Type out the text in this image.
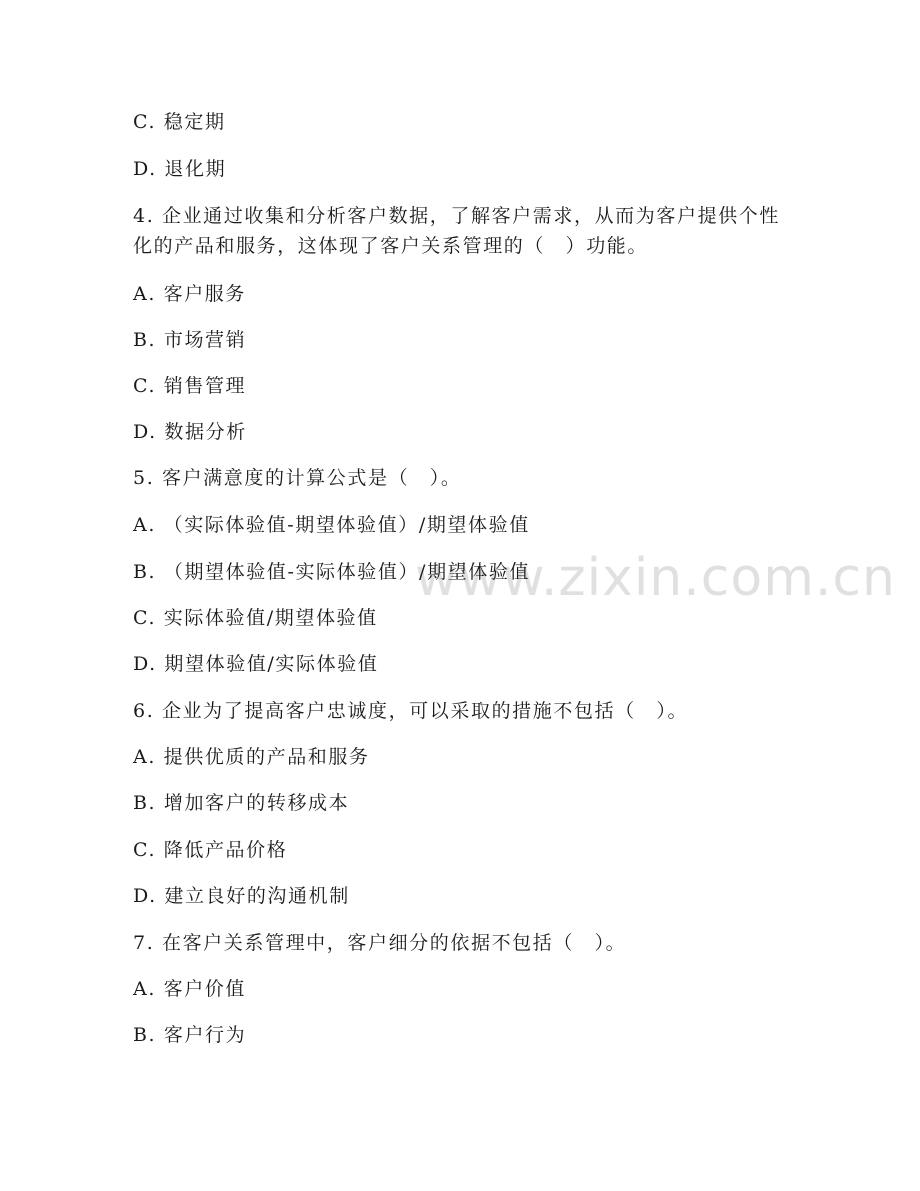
www.zixin.com.cn
C. 稳定期
D. 退化期
4. 企业通过收集和分析客户数据，了解客户需求，从而为客户提供个性化的产品和服务，这体现了客户关系管理的（　）功能。
A. 客户服务
B. 市场营销
C. 销售管理
D. 数据分析
5. 客户满意度的计算公式是（　）。
A. （实际体验值-期望体验值）/期望体验值
B. （期望体验值-实际体验值）/期望体验值
C. 实际体验值/期望体验值
D. 期望体验值/实际体验值
6. 企业为了提高客户忠诚度，可以采取的措施不包括（　）。
A. 提供优质的产品和服务
B. 增加客户的转移成本
C. 降低产品价格
D. 建立良好的沟通机制
7. 在客户关系管理中，客户细分的依据不包括（　）。
A. 客户价值
B. 客户行为
